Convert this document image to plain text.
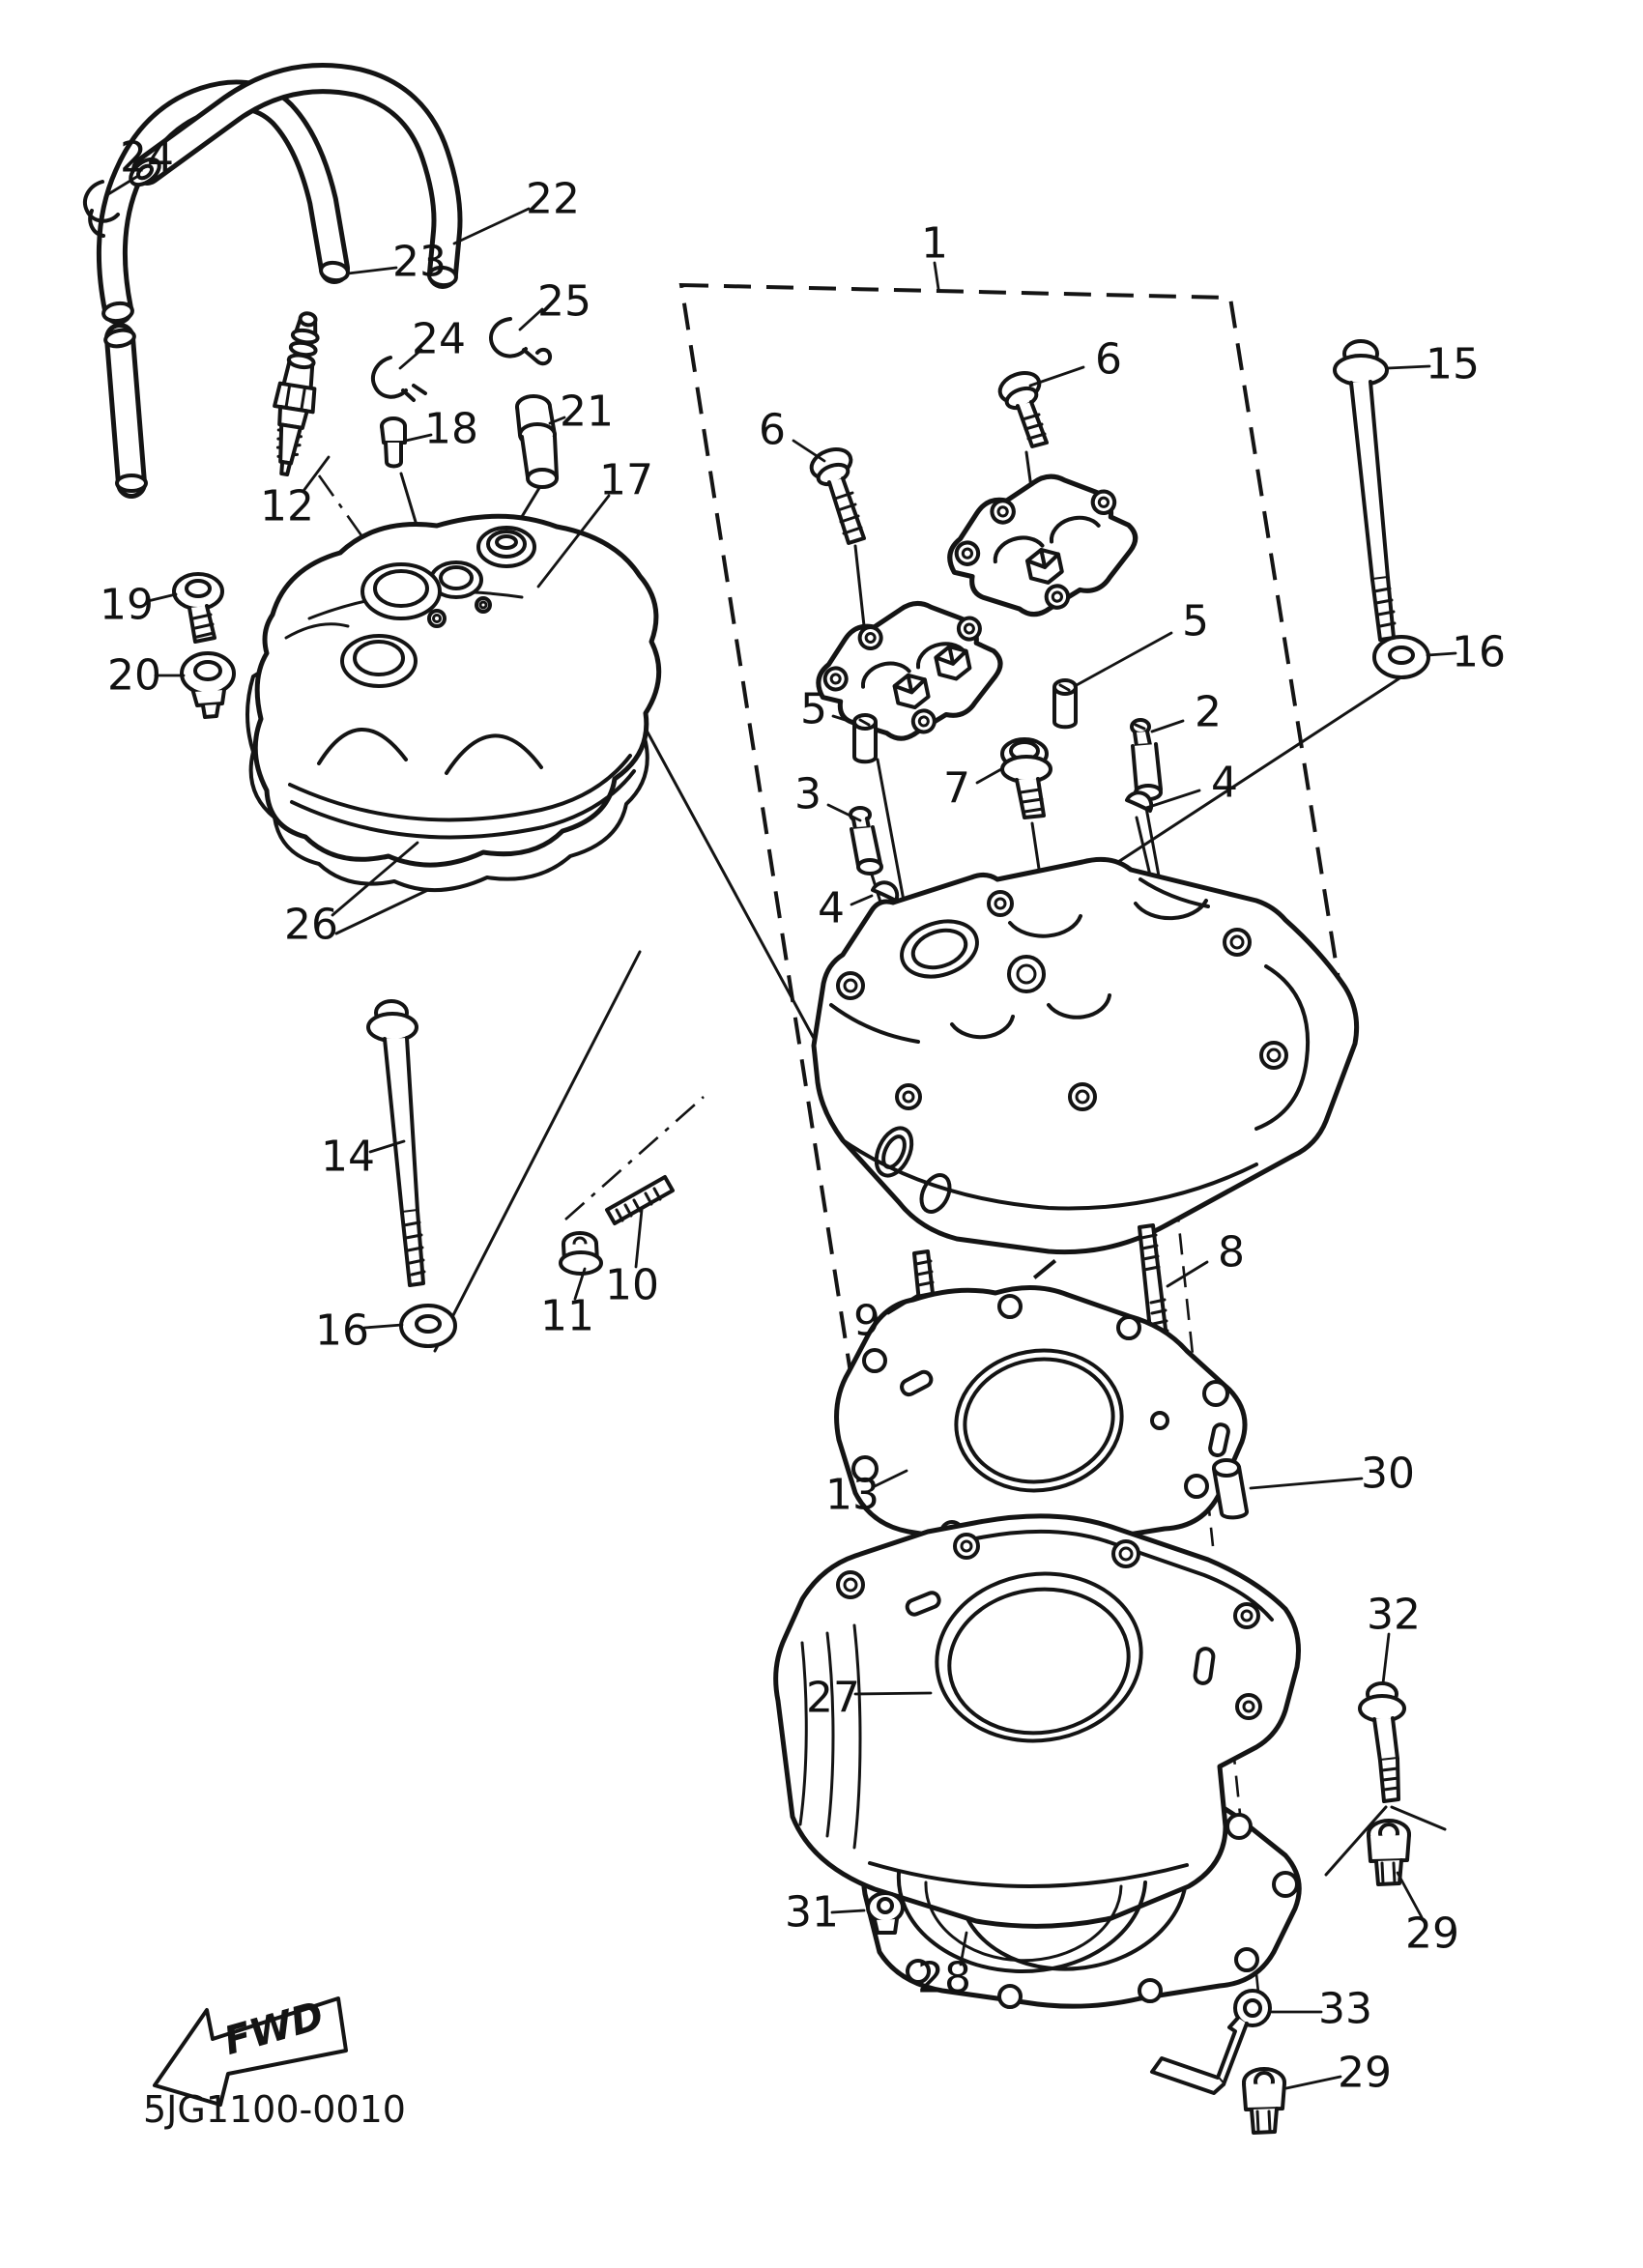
FWD
5JG1100-0010
1
2
3
4
4
5
5
6
6
7
8
9
10
11
12
13
14
15
16
16
17
18
19
20
21
22
23
24
24
25
26
27
28
29
29
30
31
32
33
